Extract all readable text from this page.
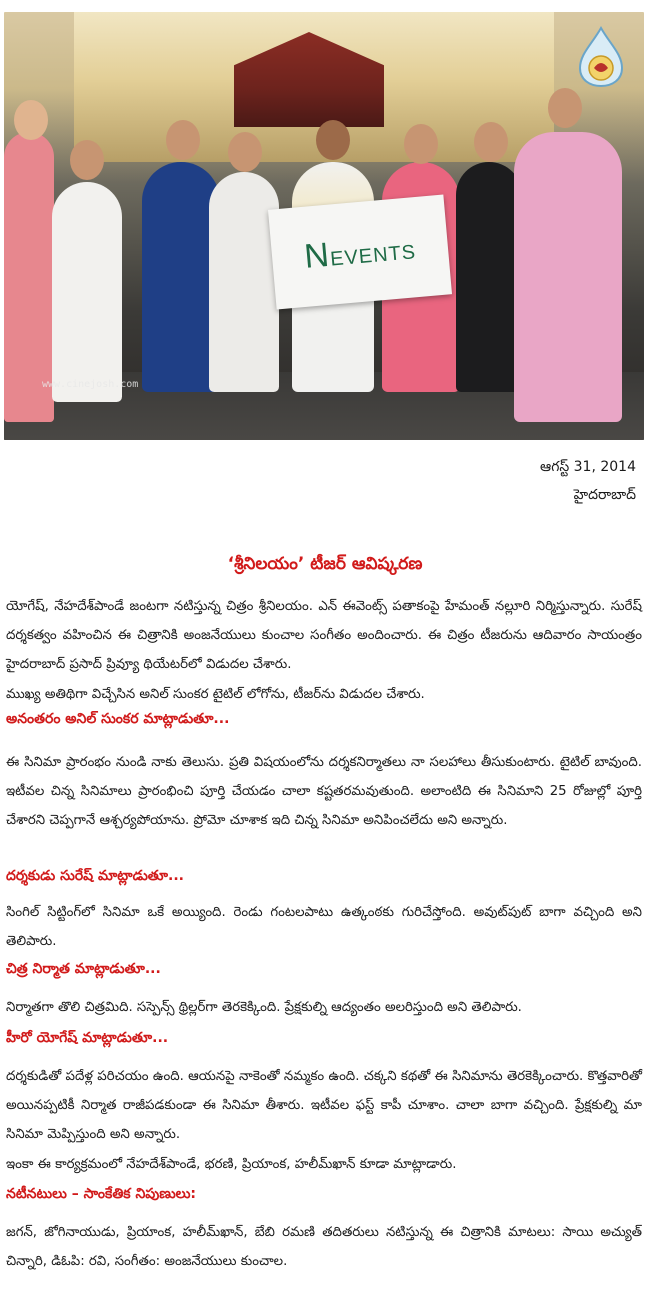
NEVENTS
www.cinejosh.com
ఆగస్ట్ 31, 2014
హైదరాబాద్
‘శ్రీనిలయం’ టీజర్ ఆవిష్కరణ
యోగేష్, నేహదేశ్‌పాండే జంటగా నటిస్తున్న చిత్రం శ్రీనిలయం. ఎన్ ఈవెంట్స్ పతాకంపై హేమంత్ నల్లూరి నిర్మిస్తున్నారు. సురేష్ దర్శకత్వం వహించిన ఈ చిత్రానికి అంజనేయులు కుంచాల సంగీతం అందించారు. ఈ చిత్రం టీజరును ఆదివారం సాయంత్రం హైదరాబాద్ ప్రసాద్ ప్రివ్యూ థియేటర్‌లో విడుదల చేశారు.
ముఖ్య అతిథిగా విచ్చేసిన అనిల్ సుంకర టైటిల్ లోగోను, టీజర్‌ను విడుదల చేశారు.
అనంతరం అనిల్ సుంకర మాట్లాడుతూ...
ఈ సినిమా ప్రారంభం నుండి నాకు తెలుసు. ప్రతి విషయంలోను దర్శకనిర్మాతలు నా సలహాలు తీసుకుంటారు. టైటిల్ బావుంది. ఇటీవల చిన్న సినిమాలు ప్రారంభించి పూర్తి చేయడం చాలా కష్టతరమవుతుంది. అలాంటిది ఈ సినిమాని 25 రోజుల్లో పూర్తి చేశారని చెప్పగానే ఆశ్చర్యపోయాను. ప్రోమో చూశాక ఇది చిన్న సినిమా అనిపించలేదు అని అన్నారు.
దర్శకుడు సురేష్ మాట్లాడుతూ...
సింగిల్ సిట్టింగ్‌లో సినిమా ఒకే అయ్యింది. రెండు గంటలపాటు ఉత్కంఠకు గురిచేస్తోంది. అవుట్‌పుట్ బాగా వచ్చింది అని తెలిపారు.
చిత్ర నిర్మాత మాట్లాడుతూ...
నిర్మాతగా తొలి చిత్రమిది. సస్పెన్స్ థ్రిల్లర్‌గా తెరకెక్కింది. ప్రేక్షకుల్ని ఆద్యంతం అలరిస్తుంది అని తెలిపారు.
హీరో యోగేష్ మాట్లాడుతూ...
దర్శకుడితో పదేళ్ల పరిచయం ఉంది. ఆయనపై నాకెంతో నమ్మకం ఉంది. చక్కని కథతో ఈ సినిమాను తెరకెక్కించారు. కొత్తవారితో అయినప్పటికీ నిర్మాత రాజీపడకుండా ఈ సినిమా తీశారు. ఇటీవల ఫస్ట్ కాపీ చూశాం. చాలా బాగా వచ్చింది. ప్రేక్షకుల్ని మా సినిమా మెప్పిస్తుంది అని అన్నారు.
ఇంకా ఈ కార్యక్రమంలో నేహదేశ్‌పాండే, భరణి, ప్రియాంక, హలీమ్‌ఖాన్ కూడా మాట్లాడారు.
నటీనటులు – సాంకేతిక నిపుణులు:
జగన్, జోగినాయుడు, ప్రియాంక, హలీమ్‌ఖాన్, బేబి రమణి తదితరులు నటిస్తున్న ఈ చిత్రానికి మాటలు: సాయి అచ్యుత్ చిన్నారి, డిఓపి: రవి, సంగీతం: అంజనేయులు కుంచాల.
